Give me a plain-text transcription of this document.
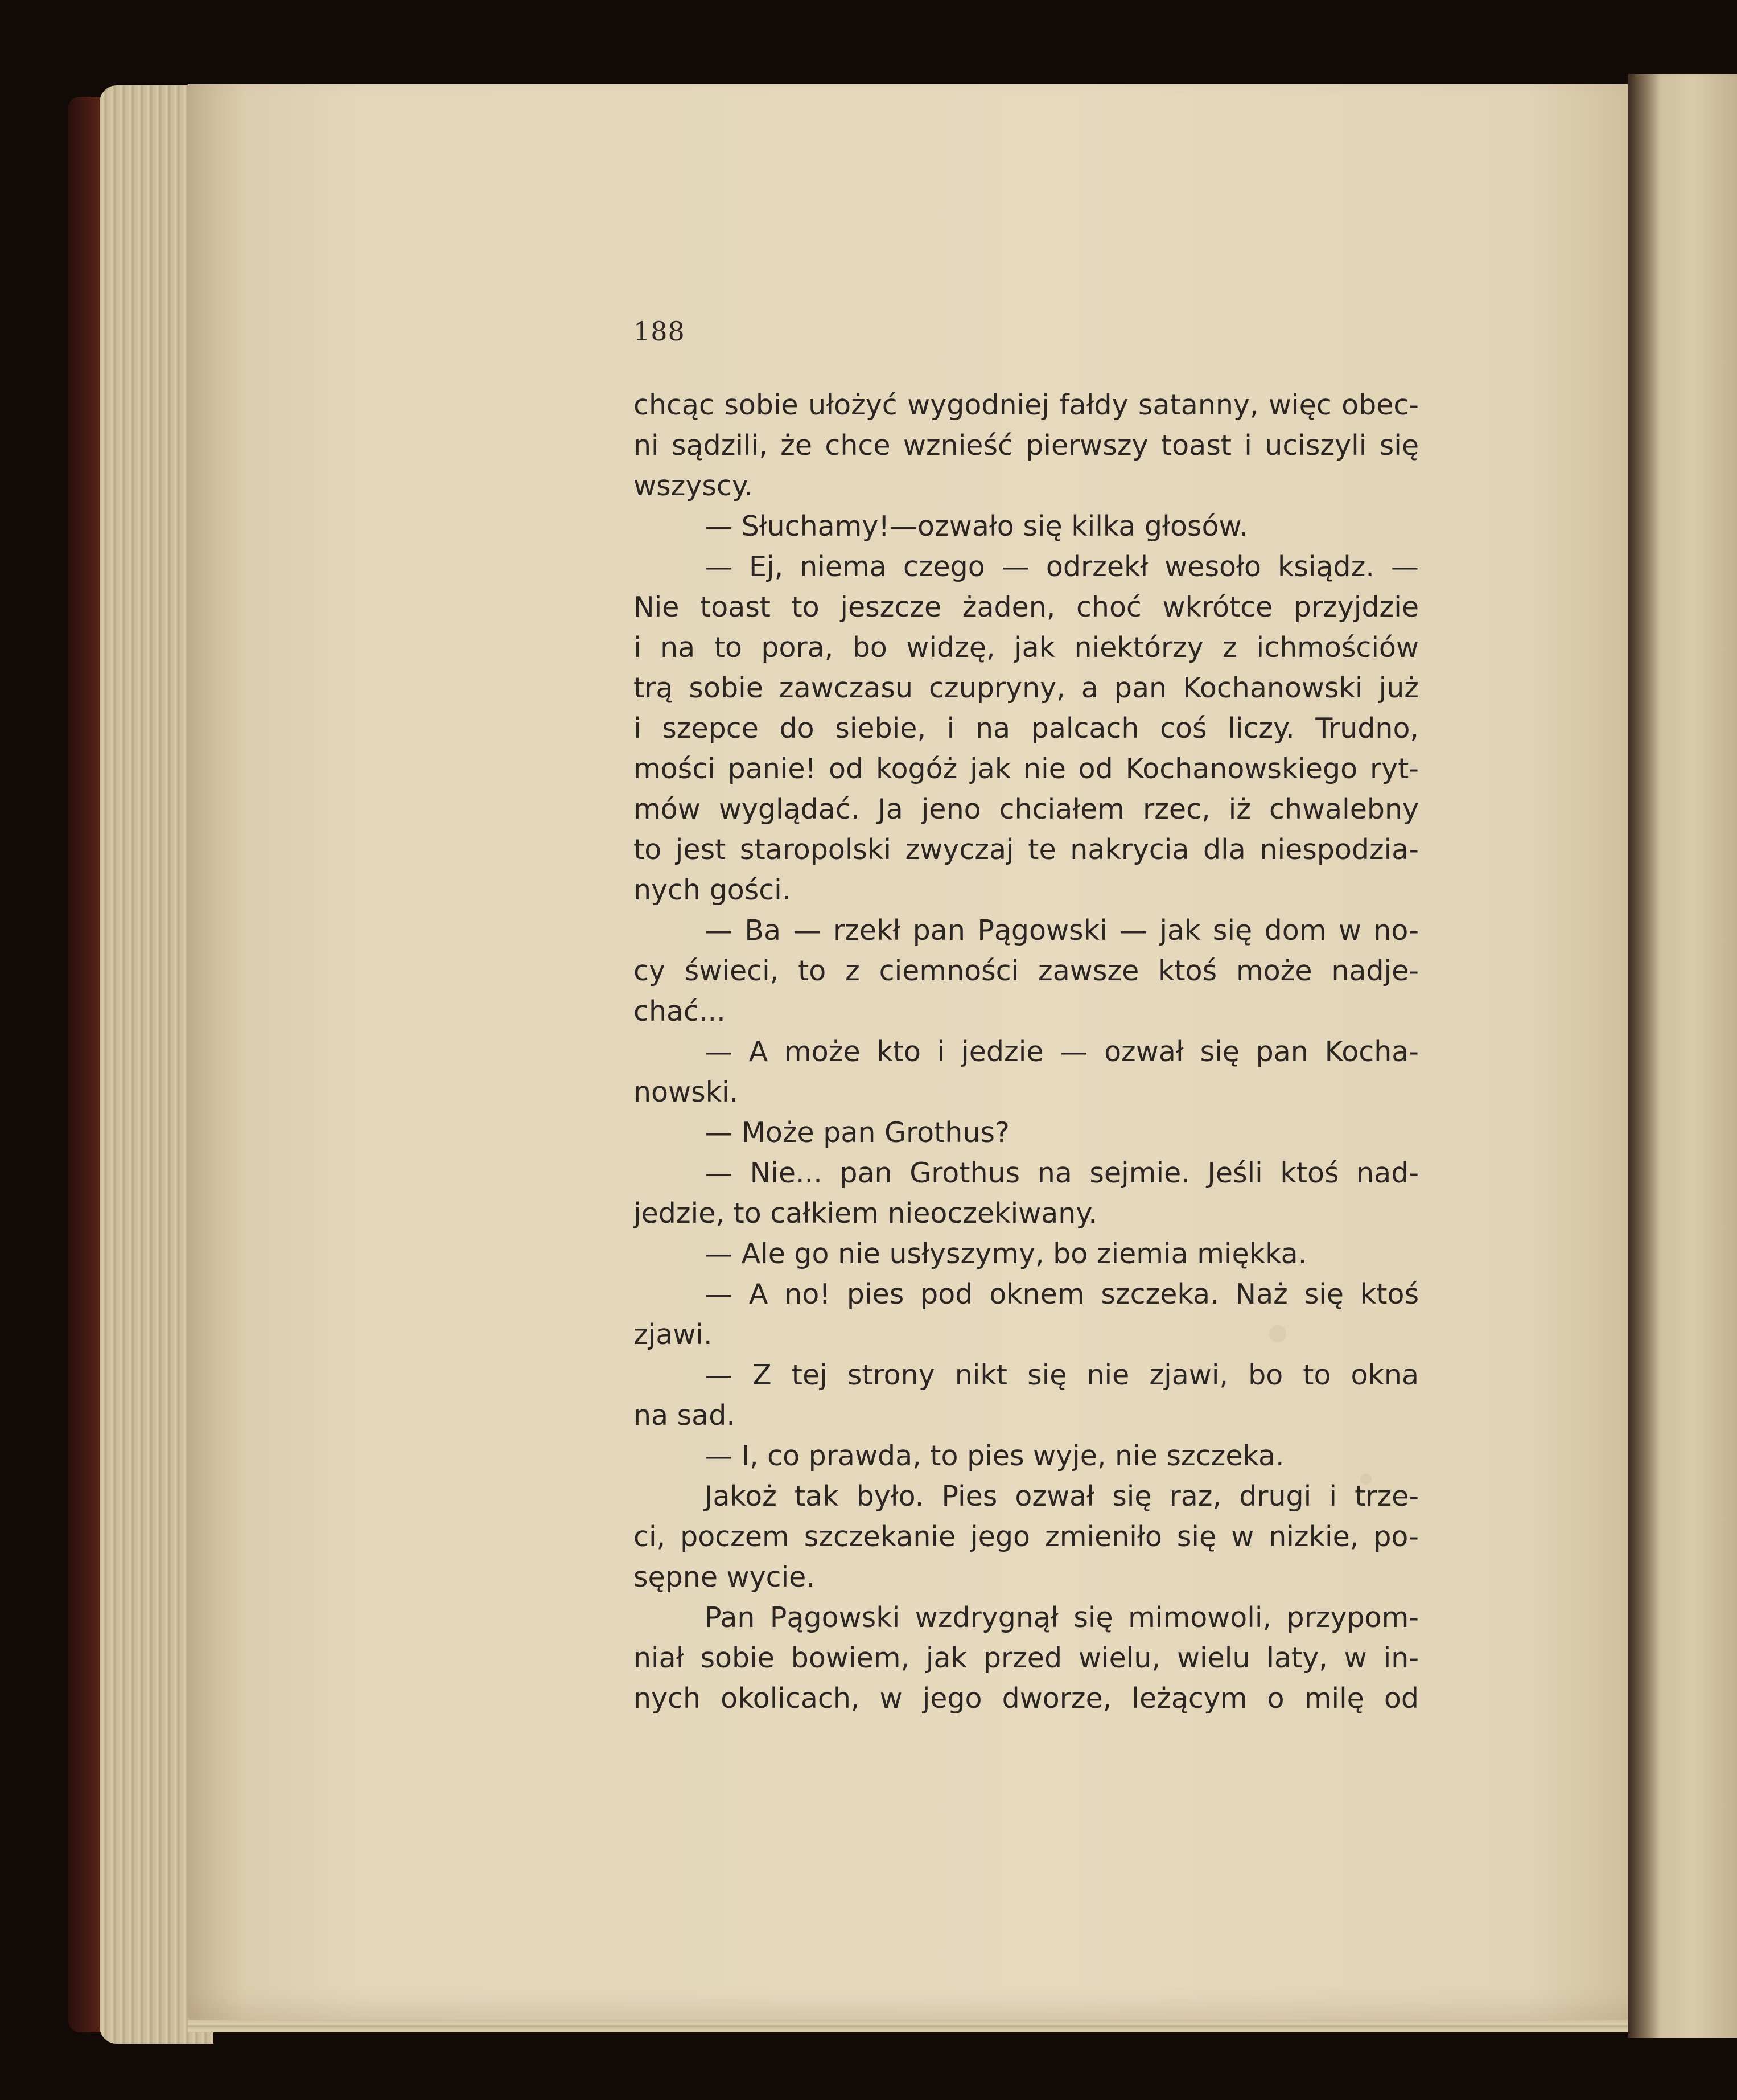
188
chcąc sobie ułożyć wygodniej fałdy satanny, więc obec-
ni sądzili, że chce wznieść pierwszy toast i uciszyli się
wszyscy.
— Słuchamy!—ozwało się kilka głosów.
— Ej, niema czego — odrzekł wesoło ksiądz. —
Nie toast to jeszcze żaden, choć wkrótce przyjdzie
i na to pora, bo widzę, jak niektórzy z ichmościów
trą sobie zawczasu czupryny, a pan Kochanowski już
i szepce do siebie, i na palcach coś liczy. Trudno,
mości panie! od kogóż jak nie od Kochanowskiego ryt-
mów wyglądać. Ja jeno chciałem rzec, iż chwalebny
to jest staropolski zwyczaj te nakrycia dla niespodzia-
nych gości.
— Ba — rzekł pan Pągowski — jak się dom w no-
cy świeci, to z ciemności zawsze ktoś może nadje-
chać...
— A może kto i jedzie — ozwał się pan Kocha-
nowski.
— Może pan Grothus?
— Nie... pan Grothus na sejmie. Jeśli ktoś nad-
jedzie, to całkiem nieoczekiwany.
— Ale go nie usłyszymy, bo ziemia miękka.
— A no! pies pod oknem szczeka. Naż się ktoś
zjawi.
— Z tej strony nikt się nie zjawi, bo to okna
na sad.
— I, co prawda, to pies wyje, nie szczeka.
Jakoż tak było. Pies ozwał się raz, drugi i trze-
ci, poczem szczekanie jego zmieniło się w nizkie, po-
sępne wycie.
Pan Pągowski wzdrygnął się mimowoli, przypom-
niał sobie bowiem, jak przed wielu, wielu laty, w in-
nych okolicach, w jego dworze, leżącym o milę od
